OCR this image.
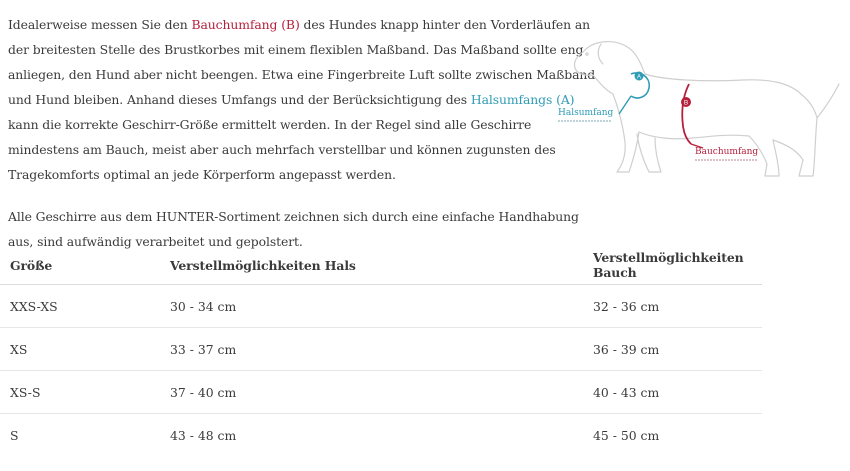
Idealerweise messen Sie den Bauchumfang (B) des Hundes knapp hinter den Vorderläufen an
der breitesten Stelle des Brustkorbes mit einem flexiblen Maßband. Das Maßband sollte eng
anliegen, den Hund aber nicht beengen. Etwa eine Fingerbreite Luft sollte zwischen Maßband
und Hund bleiben. Anhand dieses Umfangs und der Berücksichtigung des Halsumfangs (A)
kann die korrekte Geschirr-Größe ermittelt werden. In der Regel sind alle Geschirre
mindestens am Bauch, meist aber auch mehrfach verstellbar und können zugunsten des
Tragekomforts optimal an jede Körperform angepasst werden.

Alle Geschirre aus dem HUNTER-Sortiment zeichnen sich durch eine einfache Handhabung
aus, sind aufwändig verarbeitet und gepolstert.

A
B
Halsumfang
Bauchumfang
Größe	Verstellmöglichkeiten Hals	Verstellmöglichkeiten Bauch
XXS-XS	30 - 34 cm	32 - 36 cm
XS	33 - 37 cm	36 - 39 cm
XS-S	37 - 40 cm	40 - 43 cm
S	43 - 48 cm	45 - 50 cm
